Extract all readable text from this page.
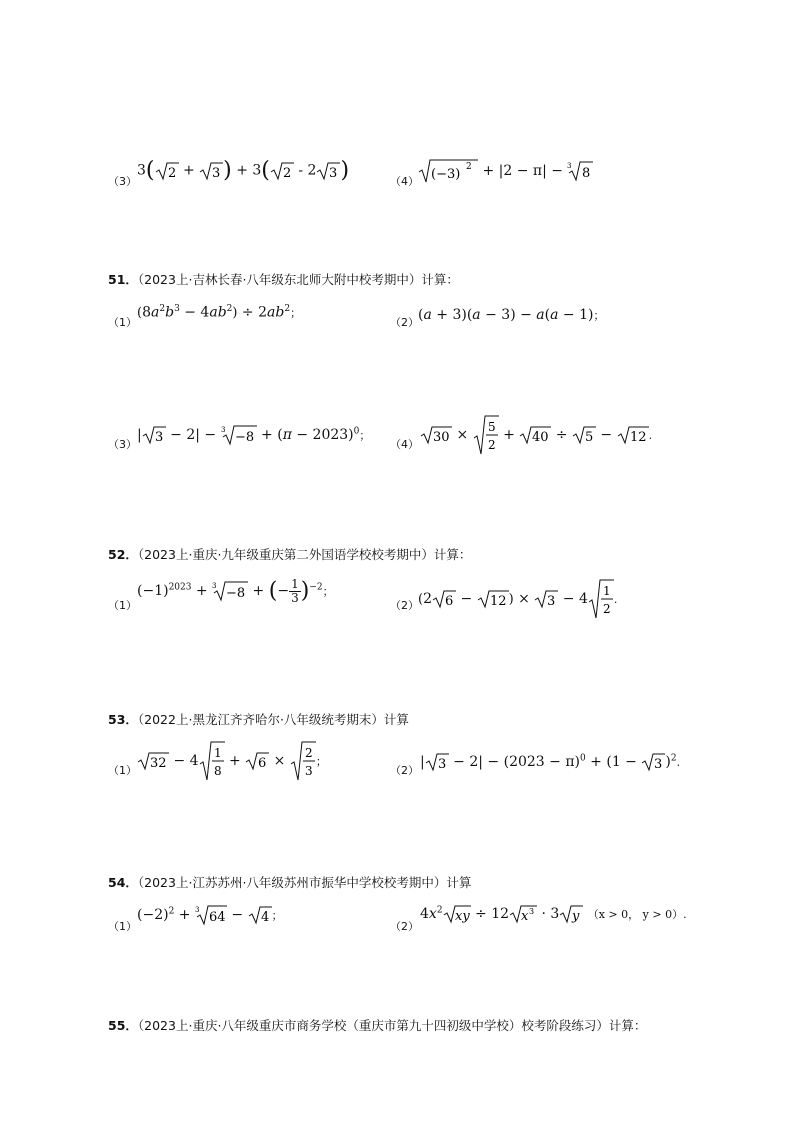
（3）
3( 2 + 3 ) + 3( 2 - 2 3 )	（4） (−3) 2 + |2 − π| − 3 8
51．（2023上·吉林长春·八年级东北师大附中校考期中）计算：
（1）
$(8a^2b^3 - 4ab^2) \div 2ab^2$；
（2） (a + 3)(a − 3) − a(a − 1)；
（3）
| $3 - 2| - 3 -8 + (\pi - 2023)^0$；
（4） 30 × 5
2
+ 40 ÷ 5 − 12 .
52．（2023上·重庆·九年级重庆第二外国语学校校考期中）计算：
（1）
$(-1)^{2023} + 3 -8$ + (− $\frac{1}{3} )^{-2}$；
（2） (2 6 − 12 ) × 3 − 4 1
2
.
53．（2022上·黑龙江齐齐哈尔·八年级统考期末）计算
（1） 32 − 4 1
8
+ 6 × 2
3
；
（2）
| $3 - 2| - (2023 - \pi)^0 + (1 - 3$ )$^2$.
54．（2023上·江苏苏州·八年级苏州市振华中学校校考期中）计算
（1）
$(-2)^2 + 3$ 64 − 4 ；
（2）
$4x^2$ xy ÷ 12 x 3 · 3 y （x > 0， y > 0）.
55．（2023上·重庆·八年级重庆市商务学校（重庆市第九十四初级中学校）校考阶段练习）计算：
